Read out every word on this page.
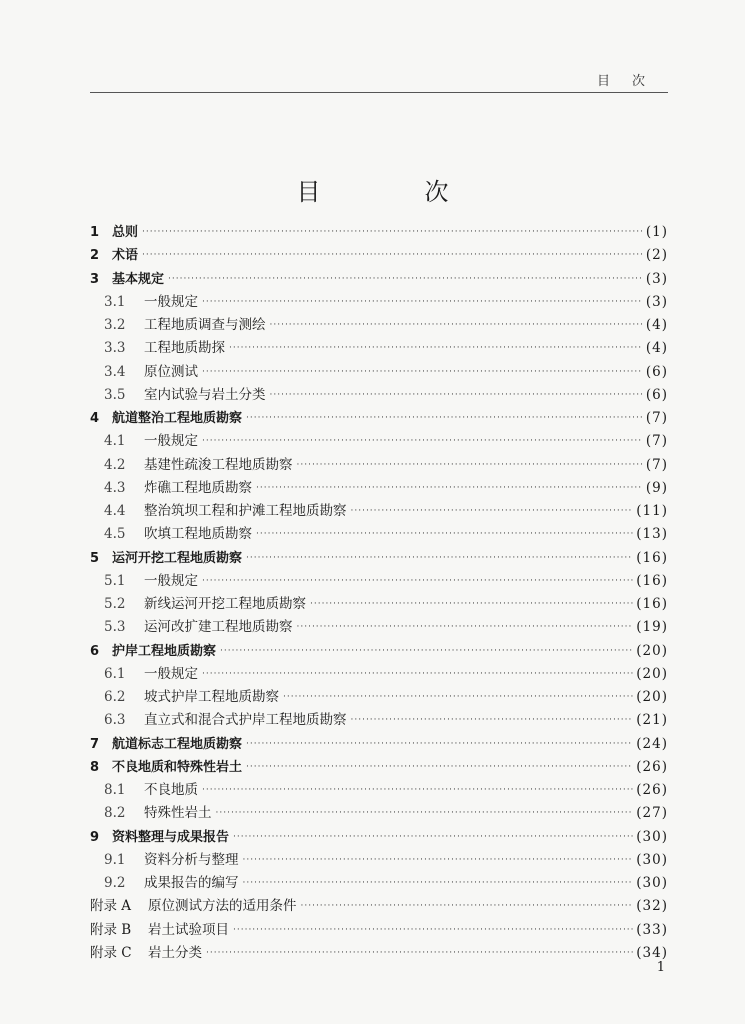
目次
目　次
1 总则 ·····	(1)
2 术语 ·····	(2)
3 基本规定 ·····	(3)
3.1	一般规定 ·····	(3)
3.2	工程地质调查与测绘 ·····	(4)
3.3	工程地质勘探 ·····	(4)
3.4	原位测试 ·····	(6)
3.5	室内试验与岩土分类 ·····	(6)
4 航道整治工程地质勘察 ·····	(7)
4.1	一般规定 ·····	(7)
4.2	基建性疏浚工程地质勘察 ·····	(7)
4.3	炸礁工程地质勘察 ·····	(9)
4.4	整治筑坝工程和护滩工程地质勘察 ·····	(11)
4.5	吹填工程地质勘察 ·····	(13)
5 运河开挖工程地质勘察 ·····	(16)
5.1	一般规定 ·····	(16)
5.2	新线运河开挖工程地质勘察 ·····	(16)
5.3	运河改扩建工程地质勘察 ·····	(19)
6 护岸工程地质勘察 ·····	(20)
6.1	一般规定 ·····	(20)
6.2	坡式护岸工程地质勘察 ·····	(20)
6.3	直立式和混合式护岸工程地质勘察 ·····	(21)
7 航道标志工程地质勘察 ·····	(24)
8 不良地质和特殊性岩土 ·····	(26)
8.1	不良地质 ·····	(26)
8.2	特殊性岩土 ·····	(27)
9 资料整理与成果报告 ·····	(30)
9.1	资料分析与整理 ·····	(30)
9.2	成果报告的编写 ·····	(30)
附录 A	原位测试方法的适用条件 ·····	(32)
附录 B	岩土试验项目 ·····	(33)
附录 C	岩土分类 ·····	(34)
1
